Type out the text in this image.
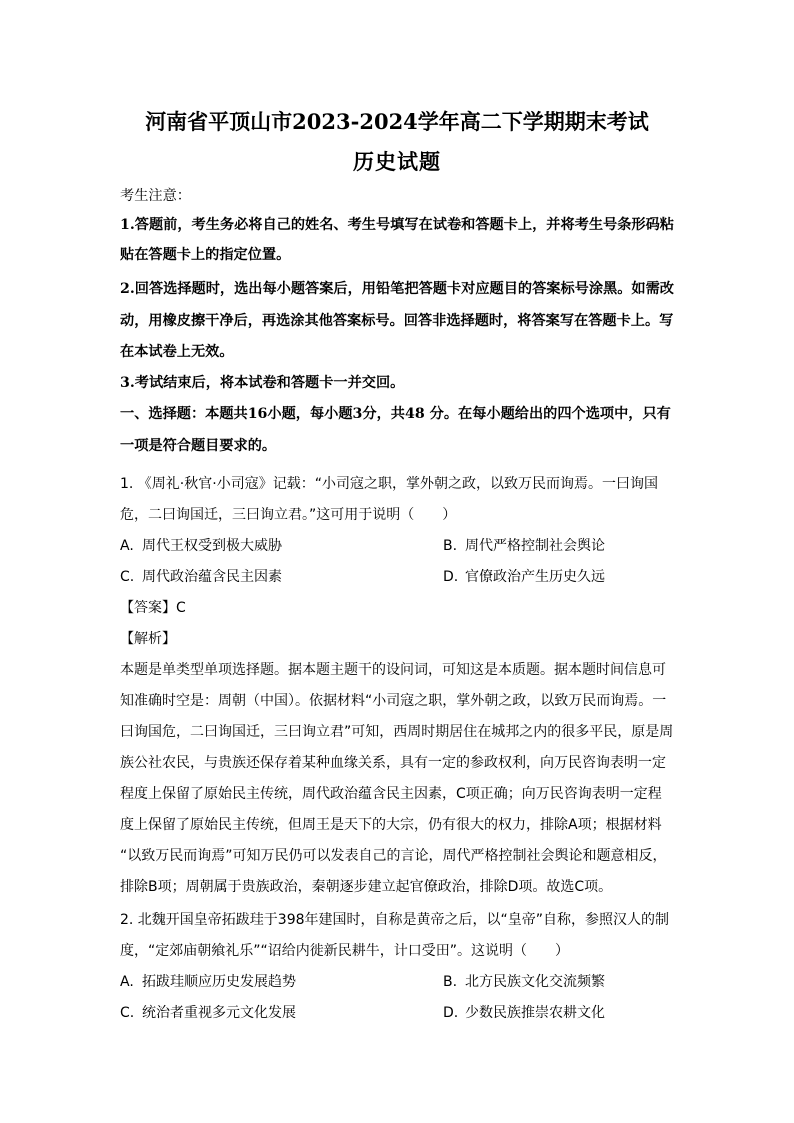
河南省平顶山市2023-2024学年高二下学期期末考试
历史试题
考生注意：
1.答题前，考生务必将自己的姓名、考生号填写在试卷和答题卡上，并将考生号条形码粘
贴在答题卡上的指定位置。
2.回答选择题时，选出每小题答案后，用铅笔把答题卡对应题目的答案标号涂黑。如需改
动，用橡皮擦干净后，再选涂其他答案标号。回答非选择题时，将答案写在答题卡上。写
在本试卷上无效。
3.考试结束后，将本试卷和答题卡一并交回。
一、选择题：本题共16小题，每小题3分，共48 分。在每小题给出的四个选项中，只有
一项是符合题目要求的。
1. 《周礼·秋官·小司寇》记载：“小司寇之职，掌外朝之政，以致万民而询焉。一曰询国
危，二曰询国迁，三曰询立君。”这可用于说明（　　）
A. 周代王权受到极大威胁	B. 周代严格控制社会舆论
C. 周代政治蕴含民主因素	D. 官僚政治产生历史久远
【答案】C
【解析】
本题是单类型单项选择题。据本题主题干的设问词，可知这是本质题。据本题时间信息可
知准确时空是：周朝（中国）。依据材料“小司寇之职，掌外朝之政，以致万民而询焉。一
曰询国危，二曰询国迁，三曰询立君”可知，西周时期居住在城邦之内的很多平民，原是周
族公社农民，与贵族还保存着某种血缘关系，具有一定的参政权利，向万民咨询表明一定
程度上保留了原始民主传统，周代政治蕴含民主因素，C项正确；向万民咨询表明一定程
度上保留了原始民主传统，但周王是天下的大宗，仍有很大的权力，排除A项；根据材料
“以致万民而询焉”可知万民仍可以发表自己的言论，周代严格控制社会舆论和题意相反，
排除B项；周朝属于贵族政治，秦朝逐步建立起官僚政治，排除D项。故选C项。
2. 北魏开国皇帝拓跋珪于398年建国时，自称是黄帝之后，以“皇帝”自称，参照汉人的制
度，“定郊庙朝飨礼乐”“诏给内徙新民耕牛，计口受田”。这说明（　　）
A. 拓跋珪顺应历史发展趋势	B. 北方民族文化交流频繁
C. 统治者重视多元文化发展	D. 少数民族推崇农耕文化
